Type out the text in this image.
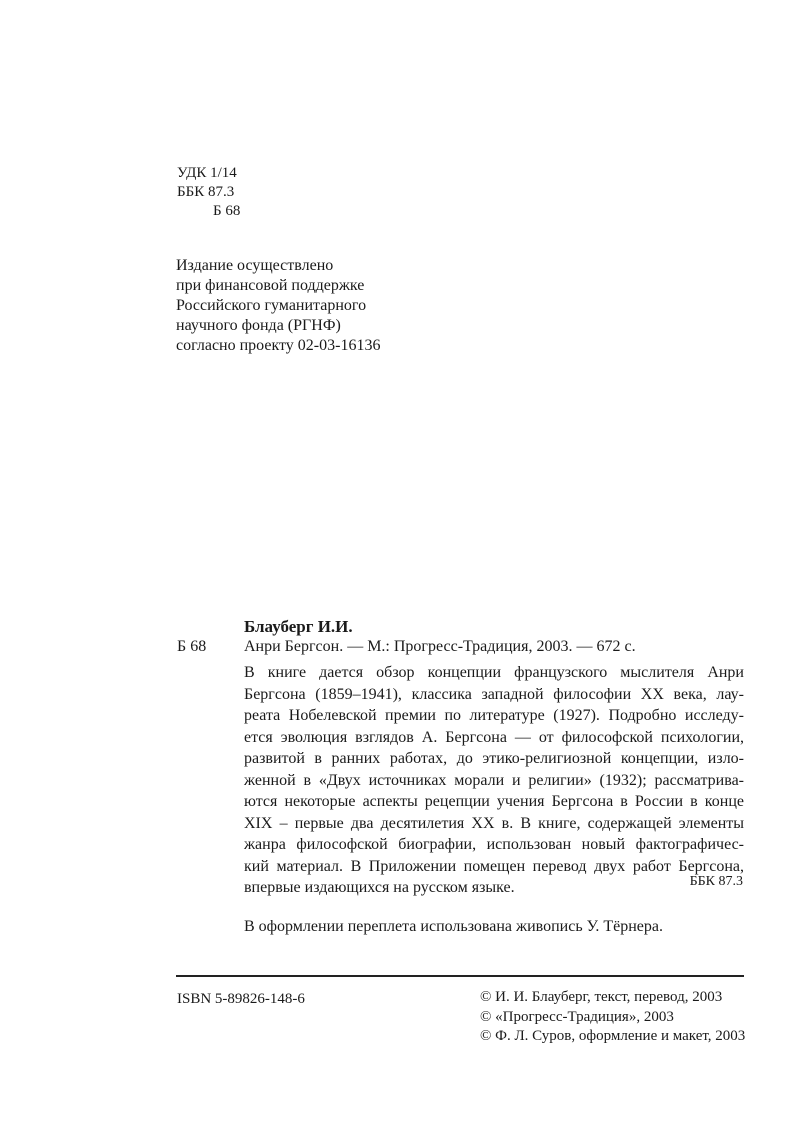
УДК 1/14
ББК 87.3
Б 68
Издание осуществлено
при финансовой поддержке
Российского гуманитарного
научного фонда (РГНФ)
согласно проекту 02-03-16136
Блауберг И.И.
Б 68 Анри Бергсон. — М.: Прогресс-Традиция, 2003. — 672 с.
В книге дается обзор концепции французского мыслителя Анри
Бергсона (1859–1941), классика западной философии XX века, лау-
реата Нобелевской премии по литературе (1927). Подробно исследу-
ется эволюция взглядов А. Бергсона — от философской психологии,
развитой в ранних работах, до этико-религиозной концепции, изло-
женной в «Двух источниках морали и религии» (1932); рассматрива-
ются некоторые аспекты рецепции учения Бергсона в России в конце
XIX – первые два десятилетия XX в. В книге, содержащей элементы
жанра философской биографии, использован новый фактографичес-
кий материал. В Приложении помещен перевод двух работ Бергсона,
впервые издающихся на русском языке.	ББК 87.3
В оформлении переплета использована живопись У. Тёрнера.
ISBN 5-89826-148-6	© И. И. Блауберг, текст, перевод, 2003
© «Прогресс-Традиция», 2003
© Ф. Л. Суров, оформление и макет, 2003
